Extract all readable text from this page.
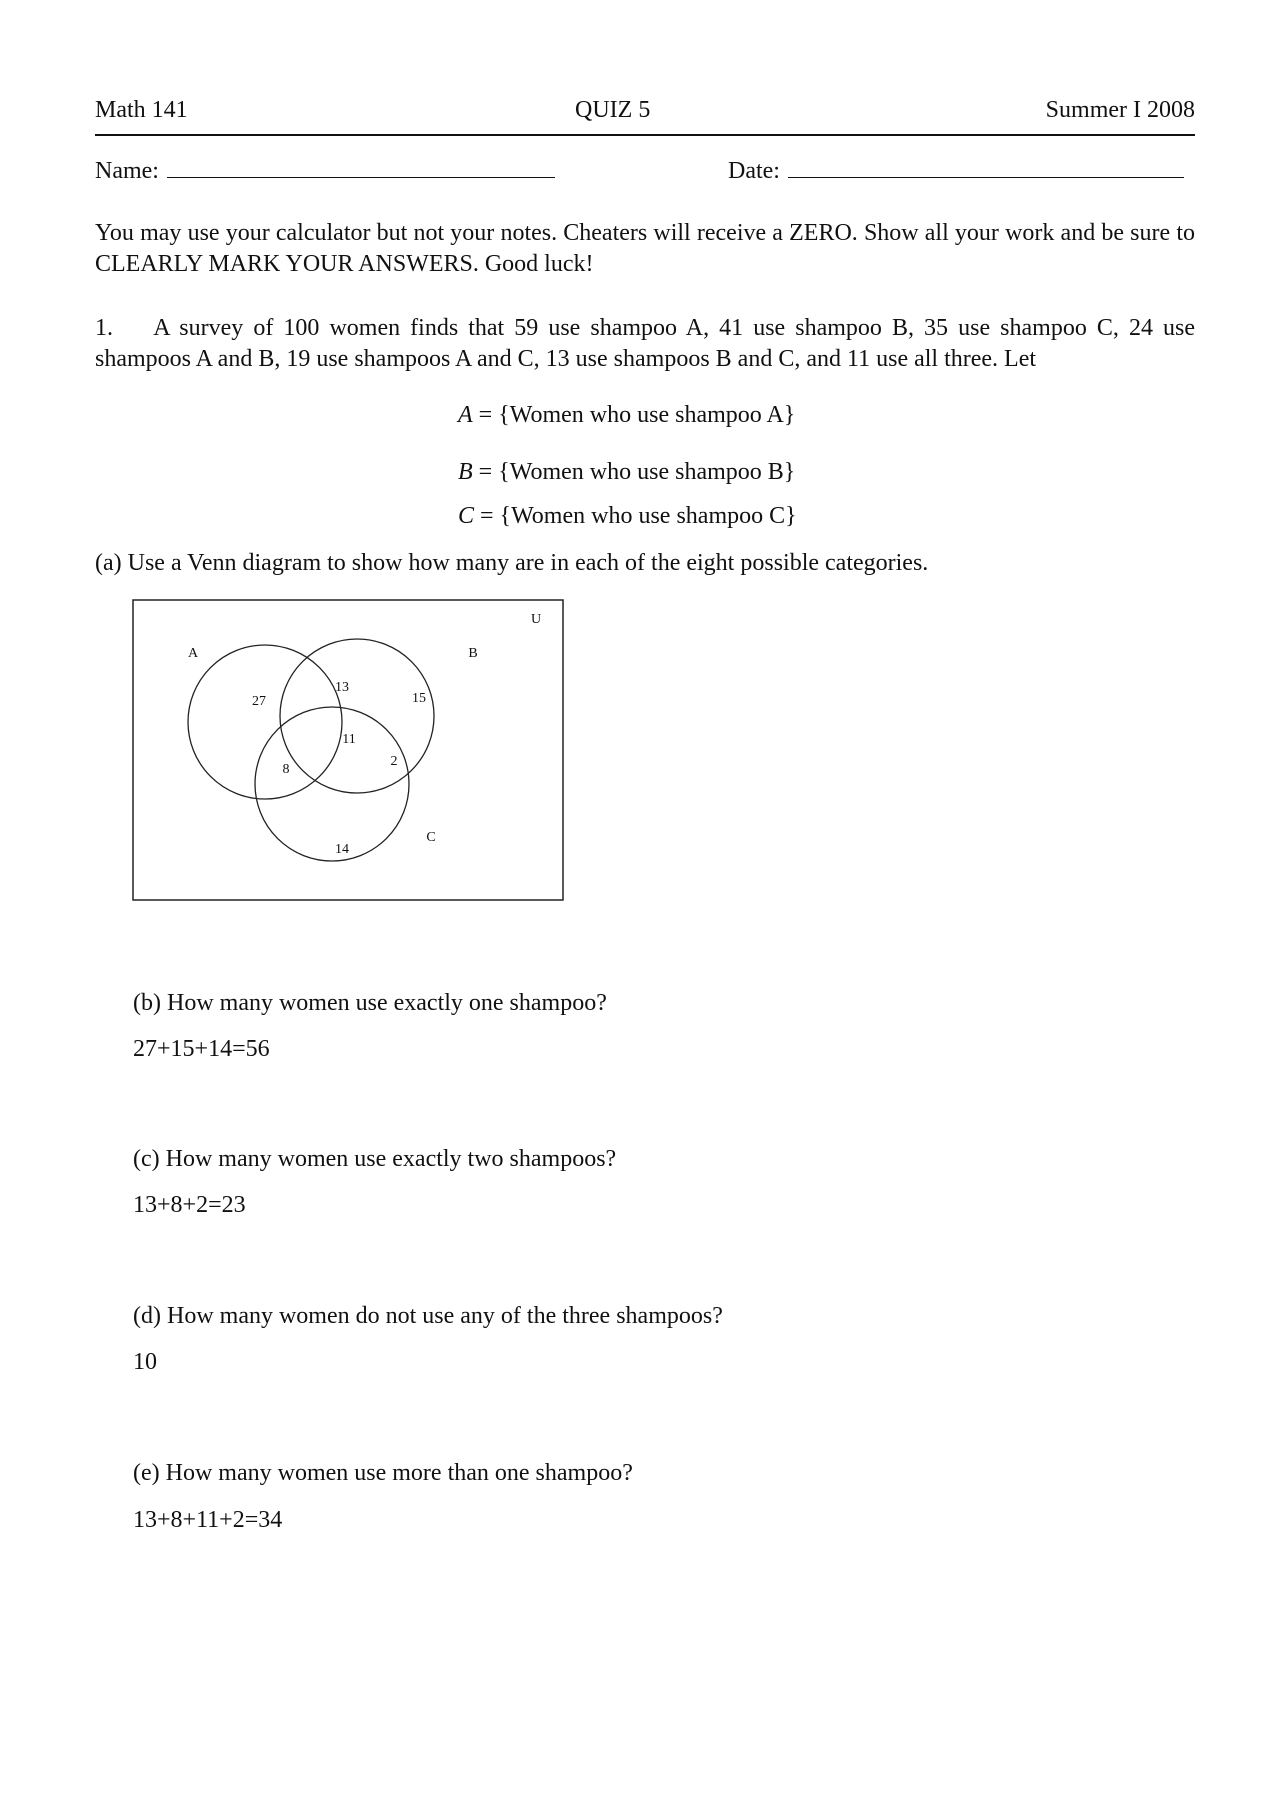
Math 141	QUIZ 5	Summer I 2008
Name:	Date:
You may use your calculator but not your notes. Cheaters will receive a ZERO. Show all your work and be sure to CLEARLY MARK YOUR ANSWERS. Good luck!
1. A survey of 100 women finds that 59 use shampoo A, 41 use shampoo B, 35 use shampoo C, 24 use shampoos A and B, 19 use shampoos A and C, 13 use shampoos B and C, and 11 use all three. Let
A = {Women who use shampoo A}
B = {Women who use shampoo B}
C = {Women who use shampoo C}
(a) Use a Venn diagram to show how many are in each of the eight possible categories.
U
A	B
C
27
13
15
11
8
2
14
(b) How many women use exactly one shampoo?
27+15+14=56
(c) How many women use exactly two shampoos?
13+8+2=23
(d) How many women do not use any of the three shampoos?
10
(e) How many women use more than one shampoo?
13+8+11+2=34
